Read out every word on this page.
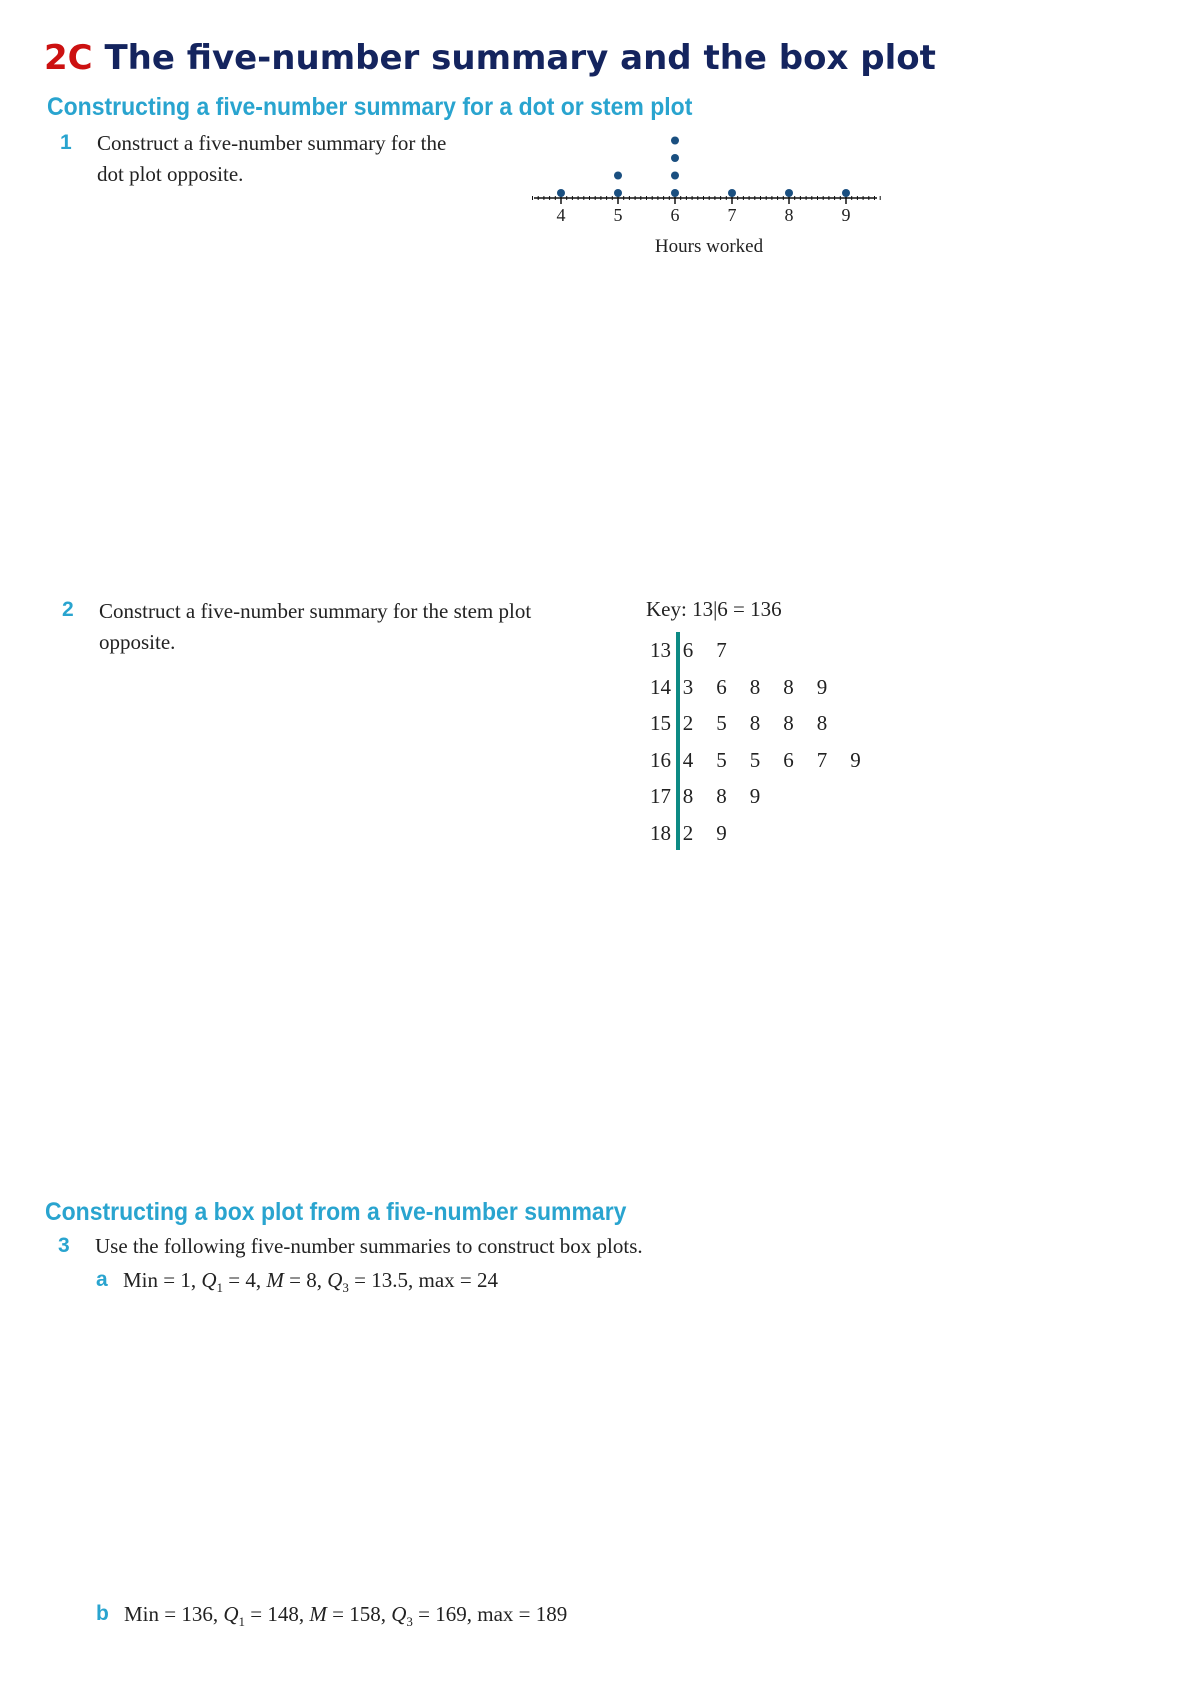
2C The five-number summary and the box plot
Constructing a five-number summary for a dot or stem plot
1 Construct a five-number summary for the
dot plot opposite.
4	5	6	7	8	9
Hours worked
2 Construct a five-number summary for the stem plot
opposite.
Key: 13|6 = 136
13 6 7
14 3 6 8 8 9
15 2 5 8 8 8
16 4 5 5 6 7 9
17 8 8 9
18 2 9
Constructing a box plot from a five-number summary
3 Use the following five-number summaries to construct box plots.
a Min = 1, $Q_1 = 4$, M = 8, $Q_3 = 13.5$, max = 24
b Min = 136, $Q_1 = 148$, M = 158, $Q_3 = 169$, max = 189
